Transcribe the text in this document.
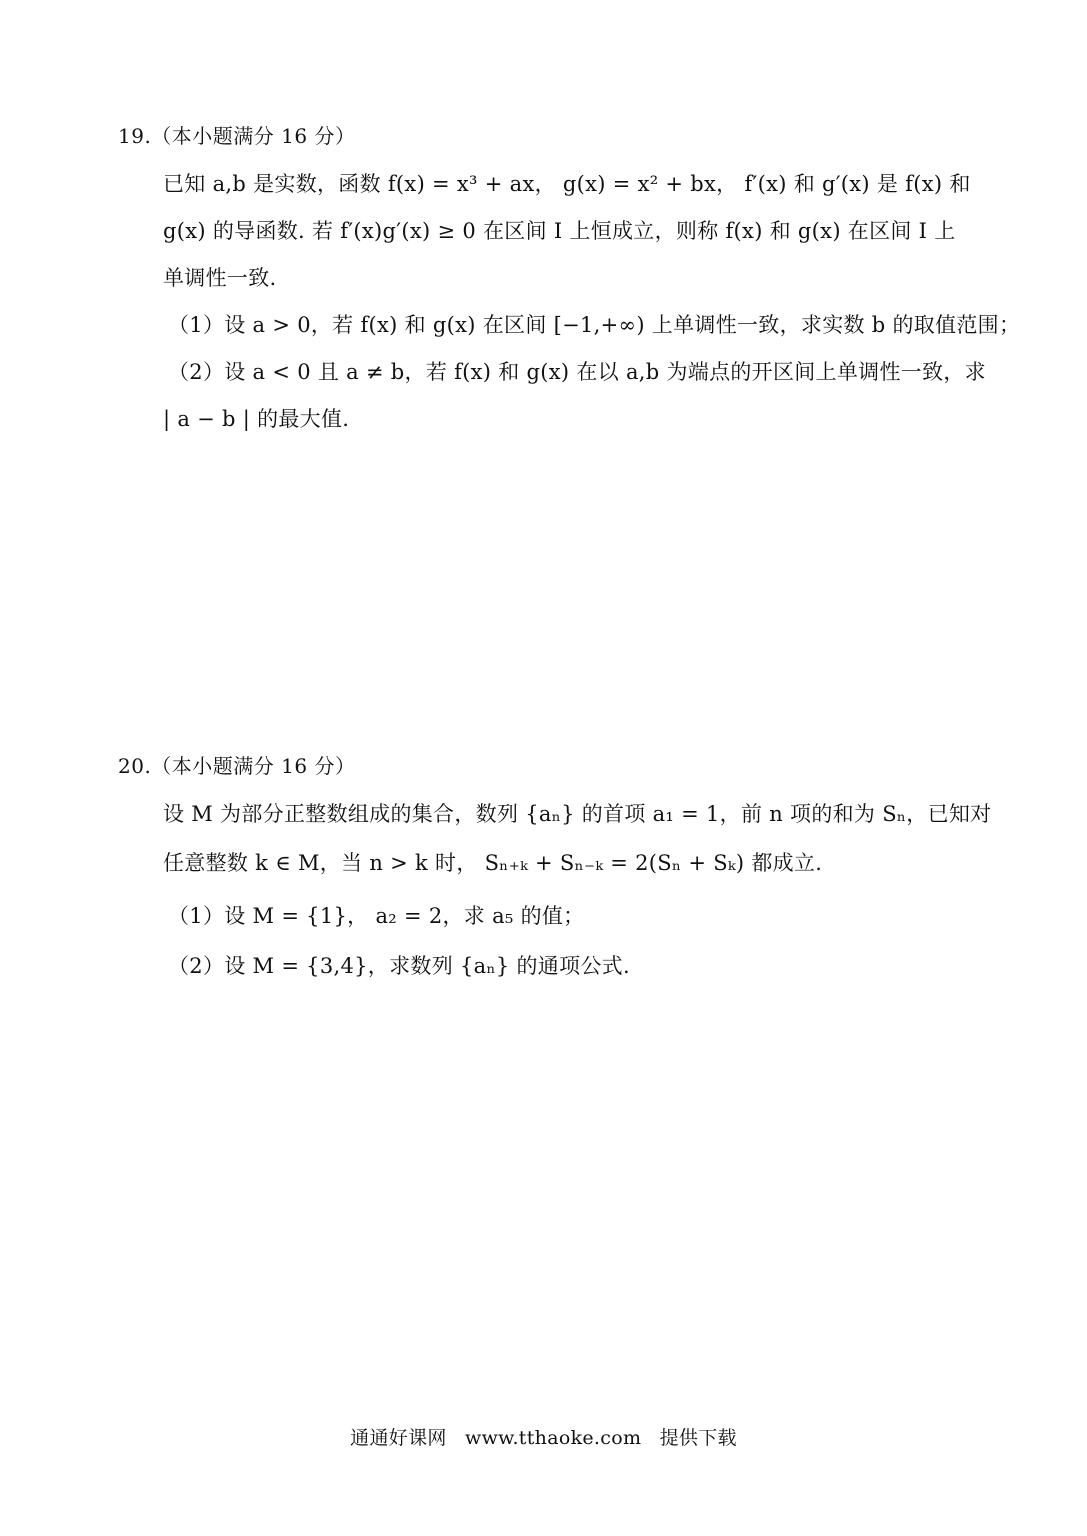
19.（本小题满分 16 分）
已知 a,b 是实数，函数 f(x) = x³ + ax， g(x) = x² + bx， f′(x) 和 g′(x) 是 f(x) 和
g(x) 的导函数. 若 f′(x)g′(x) ≥ 0 在区间 I 上恒成立，则称 f(x) 和 g(x) 在区间 I 上
单调性一致.
（1）设 a > 0，若 f(x) 和 g(x) 在区间 [−1,+∞) 上单调性一致，求实数 b 的取值范围；
（2）设 a < 0 且 a ≠ b，若 f(x) 和 g(x) 在以 a,b 为端点的开区间上单调性一致，求
| a − b | 的最大值.
20.（本小题满分 16 分）
设 M 为部分正整数组成的集合，数列 {aₙ} 的首项 a₁ = 1，前 n 项的和为 Sₙ，已知对
任意整数 k ∈ M，当 n > k 时， Sₙ₊ₖ + Sₙ₋ₖ = 2(Sₙ + Sₖ) 都成立.
（1）设 M = {1}， a₂ = 2，求 a₅ 的值；
（2）设 M = {3,4}，求数列 {aₙ} 的通项公式.
通通好课网 www.tthaoke.com 提供下载
